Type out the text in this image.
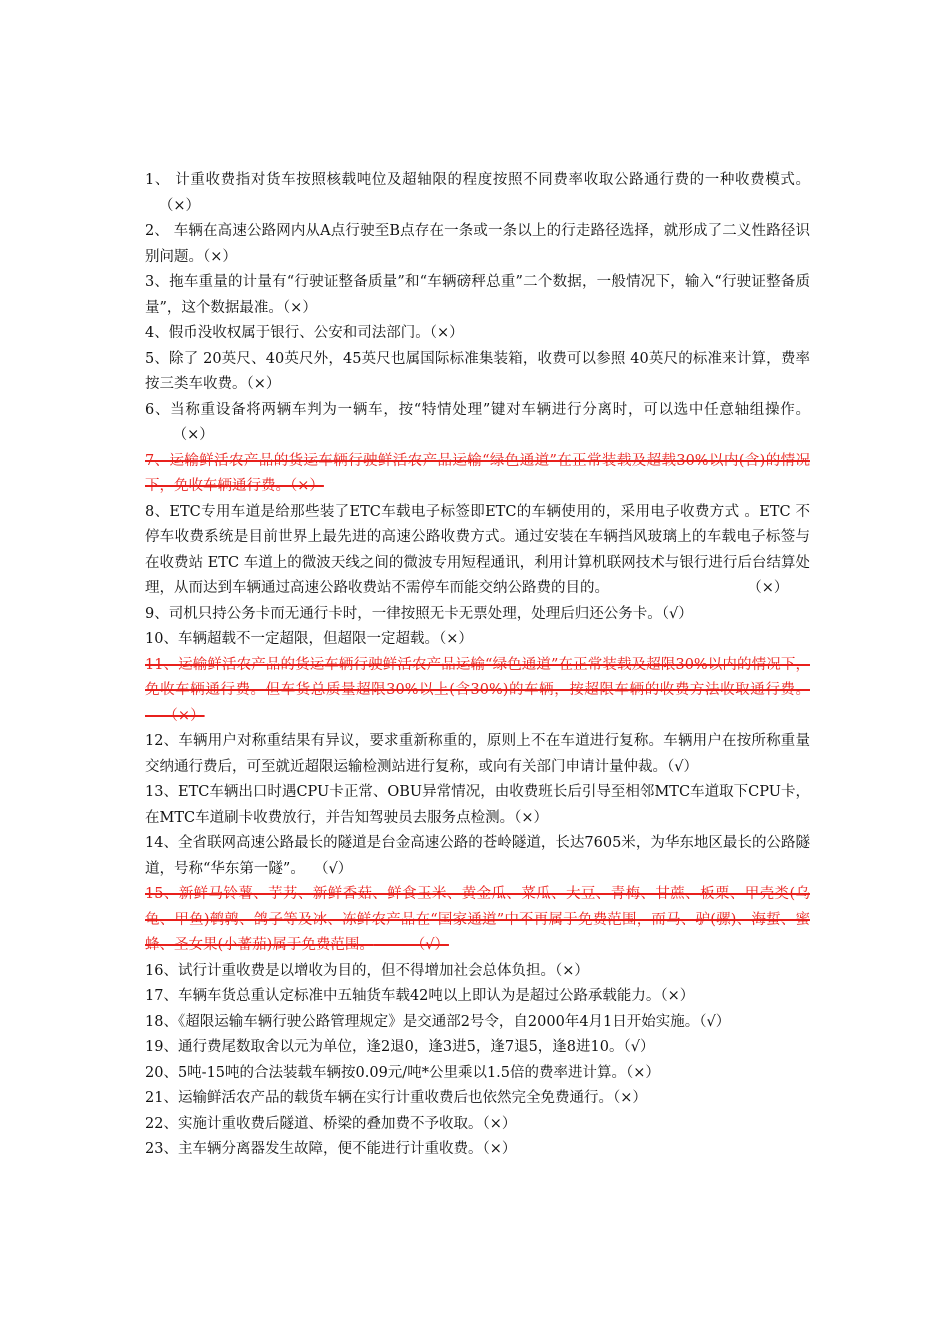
1、 计重收费指对货车按照核载吨位及超轴限的程度按照不同费率收取公路通行费的一种收费模式。   （×）

2、 车辆在高速公路网内从A点行驶至B点存在一条或一条以上的行走路径选择，就形成了二义性路径识别问题。（×）

3、拖车重量的计量有“行驶证整备质量”和“车辆磅秤总重”二个数据，一般情况下，输入“行驶证整备质量”，这个数据最准。（×）

4、假币没收权属于银行、公安和司法部门。（×）

5、除了 20英尺、40英尺外，45英尺也属国际标准集装箱，收费可以参照 40英尺的标准来计算，费率按三类车收费。（×）

6、当称重设备将两辆车判为一辆车，按“特情处理”键对车辆进行分离时，可以选中任意轴组操作。      （×）

7、运输鲜活农产品的货运车辆行驶鲜活农产品运输“绿色通道”在正常装载及超载30%以内(含)的情况下，免收车辆通行费。（×）

8、ETC专用车道是给那些装了ETC车载电子标签即ETC的车辆使用的，采用电子收费方式 。ETC 不停车收费系统是目前世界上最先进的高速公路收费方式。通过安装在车辆挡风玻璃上的车载电子标签与在收费站 ETC 车道上的微波天线之间的微波专用短程通讯，利用计算机联网技术与银行进行后台结算处理，从而达到车辆通过高速公路收费站不需停车而能交纳公路费的目的。                              （×）

9、司机只持公务卡而无通行卡时，一律按照无卡无票处理，处理后归还公务卡。（√）

10、车辆超载不一定超限，但超限一定超载。（×）

11、运输鲜活农产品的货运车辆行驶鲜活农产品运输“绿色通道”在正常装载及超限30%以内的情况下，免收车辆通行费。但车货总质量超限30%以上(含30%)的车辆，按超限车辆的收费方法收取通行费。    （×）

12、车辆用户对称重结果有异议，要求重新称重的，原则上不在车道进行复称。车辆用户在按所称重量交纳通行费后，可至就近超限运输检测站进行复称，或向有关部门申请计量仲裁。（√）

13、ETC车辆出口时遇CPU卡正常、OBU异常情况，由收费班长后引导至相邻MTC车道取下CPU卡，在MTC车道刷卡收费放行，并告知驾驶员去服务点检测。（×）

14、全省联网高速公路最长的隧道是台金高速公路的苍岭隧道，长达7605米，为华东地区最长的公路隧道，号称“华东第一隧”。  （√）

15、新鲜马铃薯、芋艿、新鲜香菇、鲜食玉米、黄金瓜、菜瓜、大豆、青梅、甘蔗、板栗、甲壳类(乌龟、甲鱼)鹌鹑、鸽子等及冰、冻鲜农产品在“国家通道”中不再属于免费范围，而马、驴(骡)、海蜇、蜜蜂、圣女果(小蕃茄)属于免费范围。        （√）

16、试行计重收费是以增收为目的，但不得增加社会总体负担。（×）

17、车辆车货总重认定标准中五轴货车载42吨以上即认为是超过公路承载能力。（×）

18、《超限运输车辆行驶公路管理规定》是交通部2号令，自2000年4月1日开始实施。（√）

19、通行费尾数取舍以元为单位，逢2退0，逢3进5，逢7退5，逢8进10。（√）

20、5吨-15吨的合法装载车辆按0.09元/吨*公里乘以1.5倍的费率进计算。（×）

21、运输鲜活农产品的载货车辆在实行计重收费后也依然完全免费通行。（×）

22、实施计重收费后隧道、桥梁的叠加费不予收取。（×）

23、主车辆分离器发生故障，便不能进行计重收费。（×）
